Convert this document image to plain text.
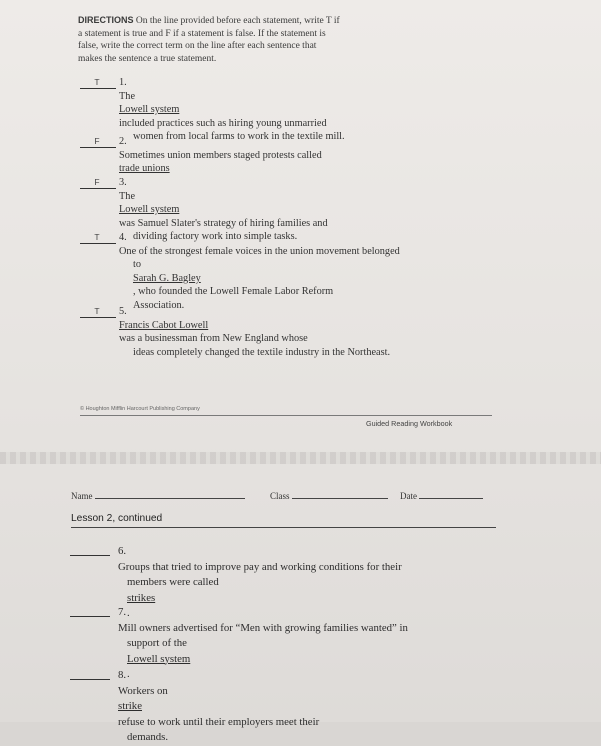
DIRECTIONS On the line provided before each statement, write T if
a statement is true and F if a statement is false. If the statement is
false, write the correct term on the line after each sentence that
makes the sentence a true statement.
T	1.
The
Lowell system
included practices such as hiring young unmarried
women from local farms to work in the textile mill.
F	2.
Sometimes union members staged protests called
trade unions
F	3.
The
Lowell system
was Samuel Slater's strategy of hiring families and
dividing factory work into simple tasks.
T	4.
One of the strongest female voices in the union movement belonged
to
Sarah G. Bagley
, who founded the Lowell Female Labor Reform
Association.
T	5.
Francis Cabot Lowell
was a businessman from New England whose
ideas completely changed the textile industry in the Northeast.
© Houghton Mifflin Harcourt Publishing Company
Guided Reading Workbook
Name	Class	Date
Lesson 2, continued
6.
Groups that tried to improve pay and working conditions for their
members were called
strikes
.
7.
Mill owners advertised for “Men with growing families wanted” in
support of the
Lowell system
.
8.
Workers on
strike
refuse to work until their employers meet their
demands.
